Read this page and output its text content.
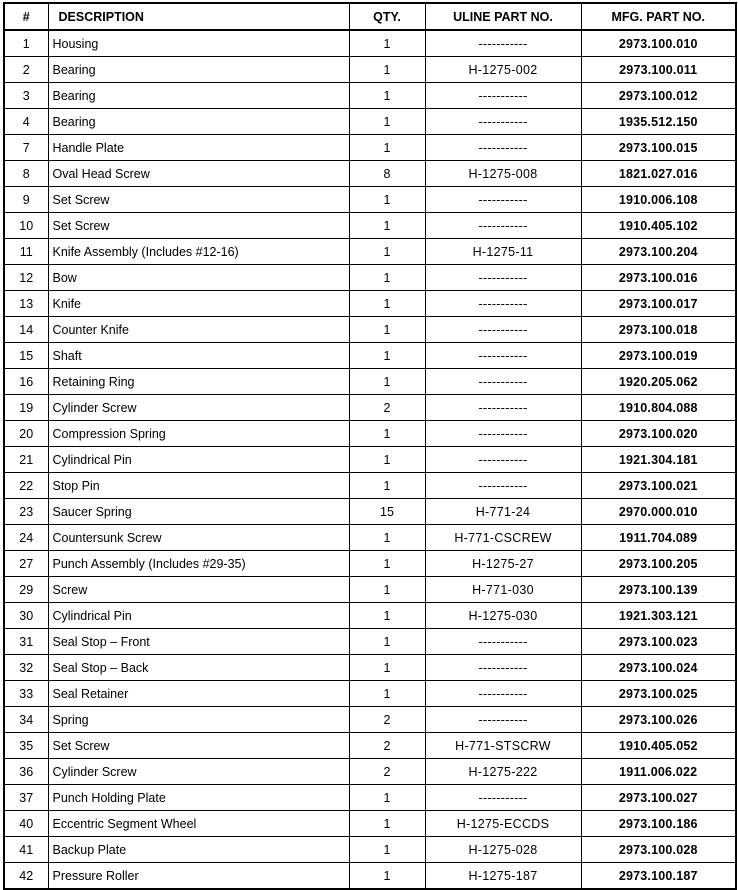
#	DESCRIPTION	QTY.	ULINE PART NO.	MFG. PART NO.
1	Housing	1	-----------	2973.100.010
2	Bearing	1	H-1275-002	2973.100.011
3	Bearing	1	-----------	2973.100.012
4	Bearing	1	-----------	1935.512.150
7	Handle Plate	1	-----------	2973.100.015
8	Oval Head Screw	8	H-1275-008	1821.027.016
9	Set Screw	1	-----------	1910.006.108
10	Set Screw	1	-----------	1910.405.102
11	Knife Assembly (Includes #12-16)	1	H-1275-11	2973.100.204
12	Bow	1	-----------	2973.100.016
13	Knife	1	-----------	2973.100.017
14	Counter Knife	1	-----------	2973.100.018
15	Shaft	1	-----------	2973.100.019
16	Retaining Ring	1	-----------	1920.205.062
19	Cylinder Screw	2	-----------	1910.804.088
20	Compression Spring	1	-----------	2973.100.020
21	Cylindrical Pin	1	-----------	1921.304.181
22	Stop Pin	1	-----------	2973.100.021
23	Saucer Spring	15	H-771-24	2970.000.010
24	Countersunk Screw	1	H-771-CSCREW	1911.704.089
27	Punch Assembly (Includes #29-35)	1	H-1275-27	2973.100.205
29	Screw	1	H-771-030	2973.100.139
30	Cylindrical Pin	1	H-1275-030	1921.303.121
31	Seal Stop – Front	1	-----------	2973.100.023
32	Seal Stop – Back	1	-----------	2973.100.024
33	Seal Retainer	1	-----------	2973.100.025
34	Spring	2	-----------	2973.100.026
35	Set Screw	2	H-771-STSCRW	1910.405.052
36	Cylinder Screw	2	H-1275-222	1911.006.022
37	Punch Holding Plate	1	-----------	2973.100.027
40	Eccentric Segment Wheel	1	H-1275-ECCDS	2973.100.186
41	Backup Plate	1	H-1275-028	2973.100.028
42	Pressure Roller	1	H-1275-187	2973.100.187
